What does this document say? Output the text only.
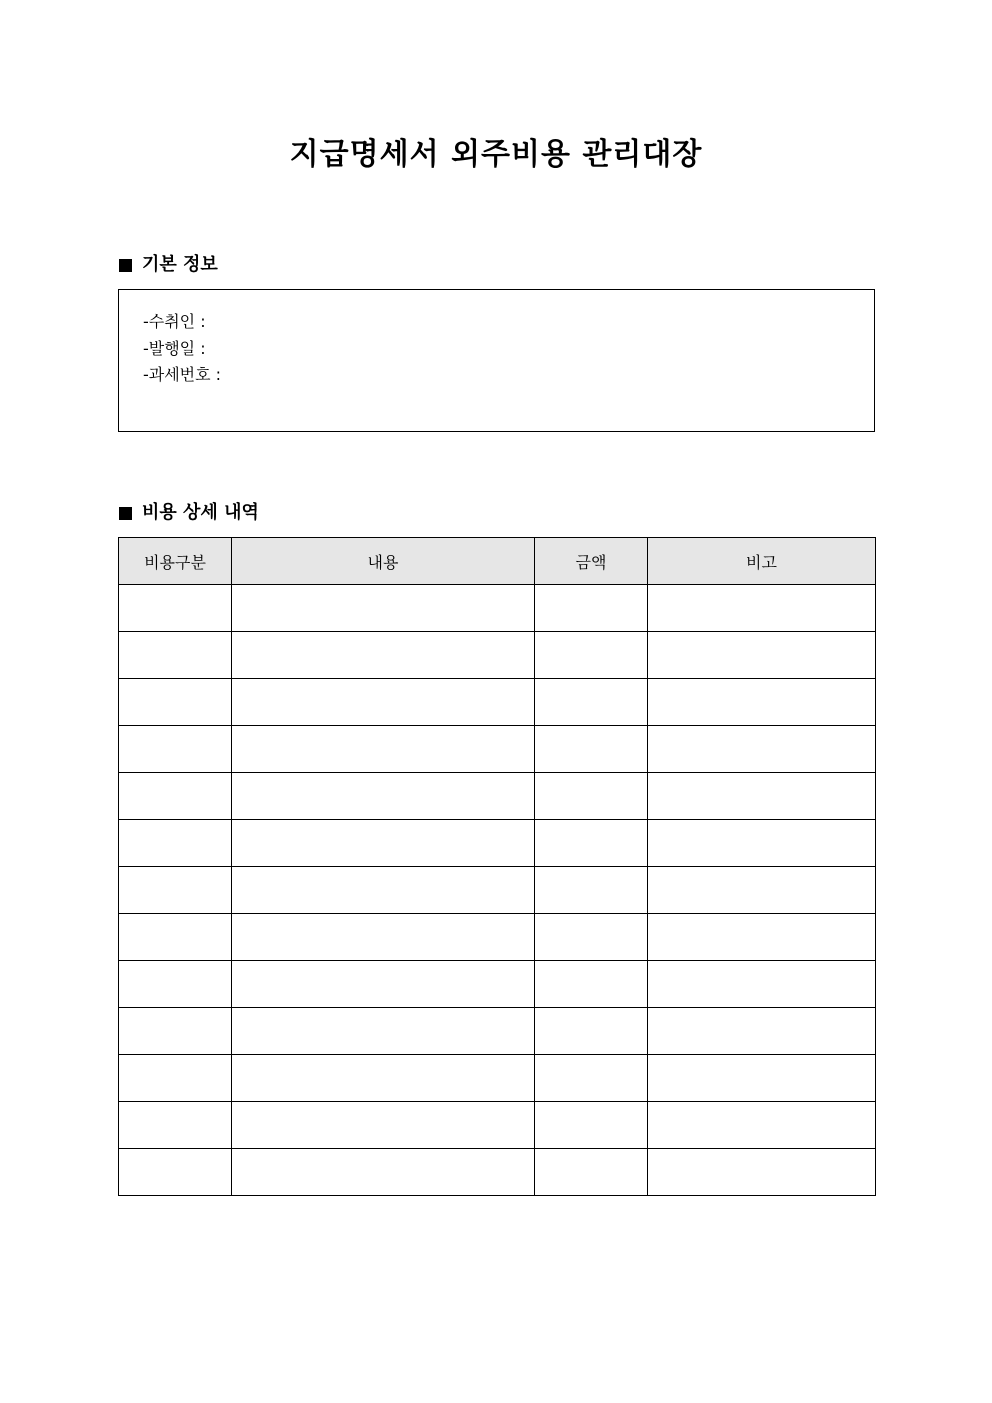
지급명세서 외주비용 관리대장
기본 정보
-수취인 :
-발행일 :
-과세번호 :
비용 상세 내역
비용구분	내용	금액	비고
